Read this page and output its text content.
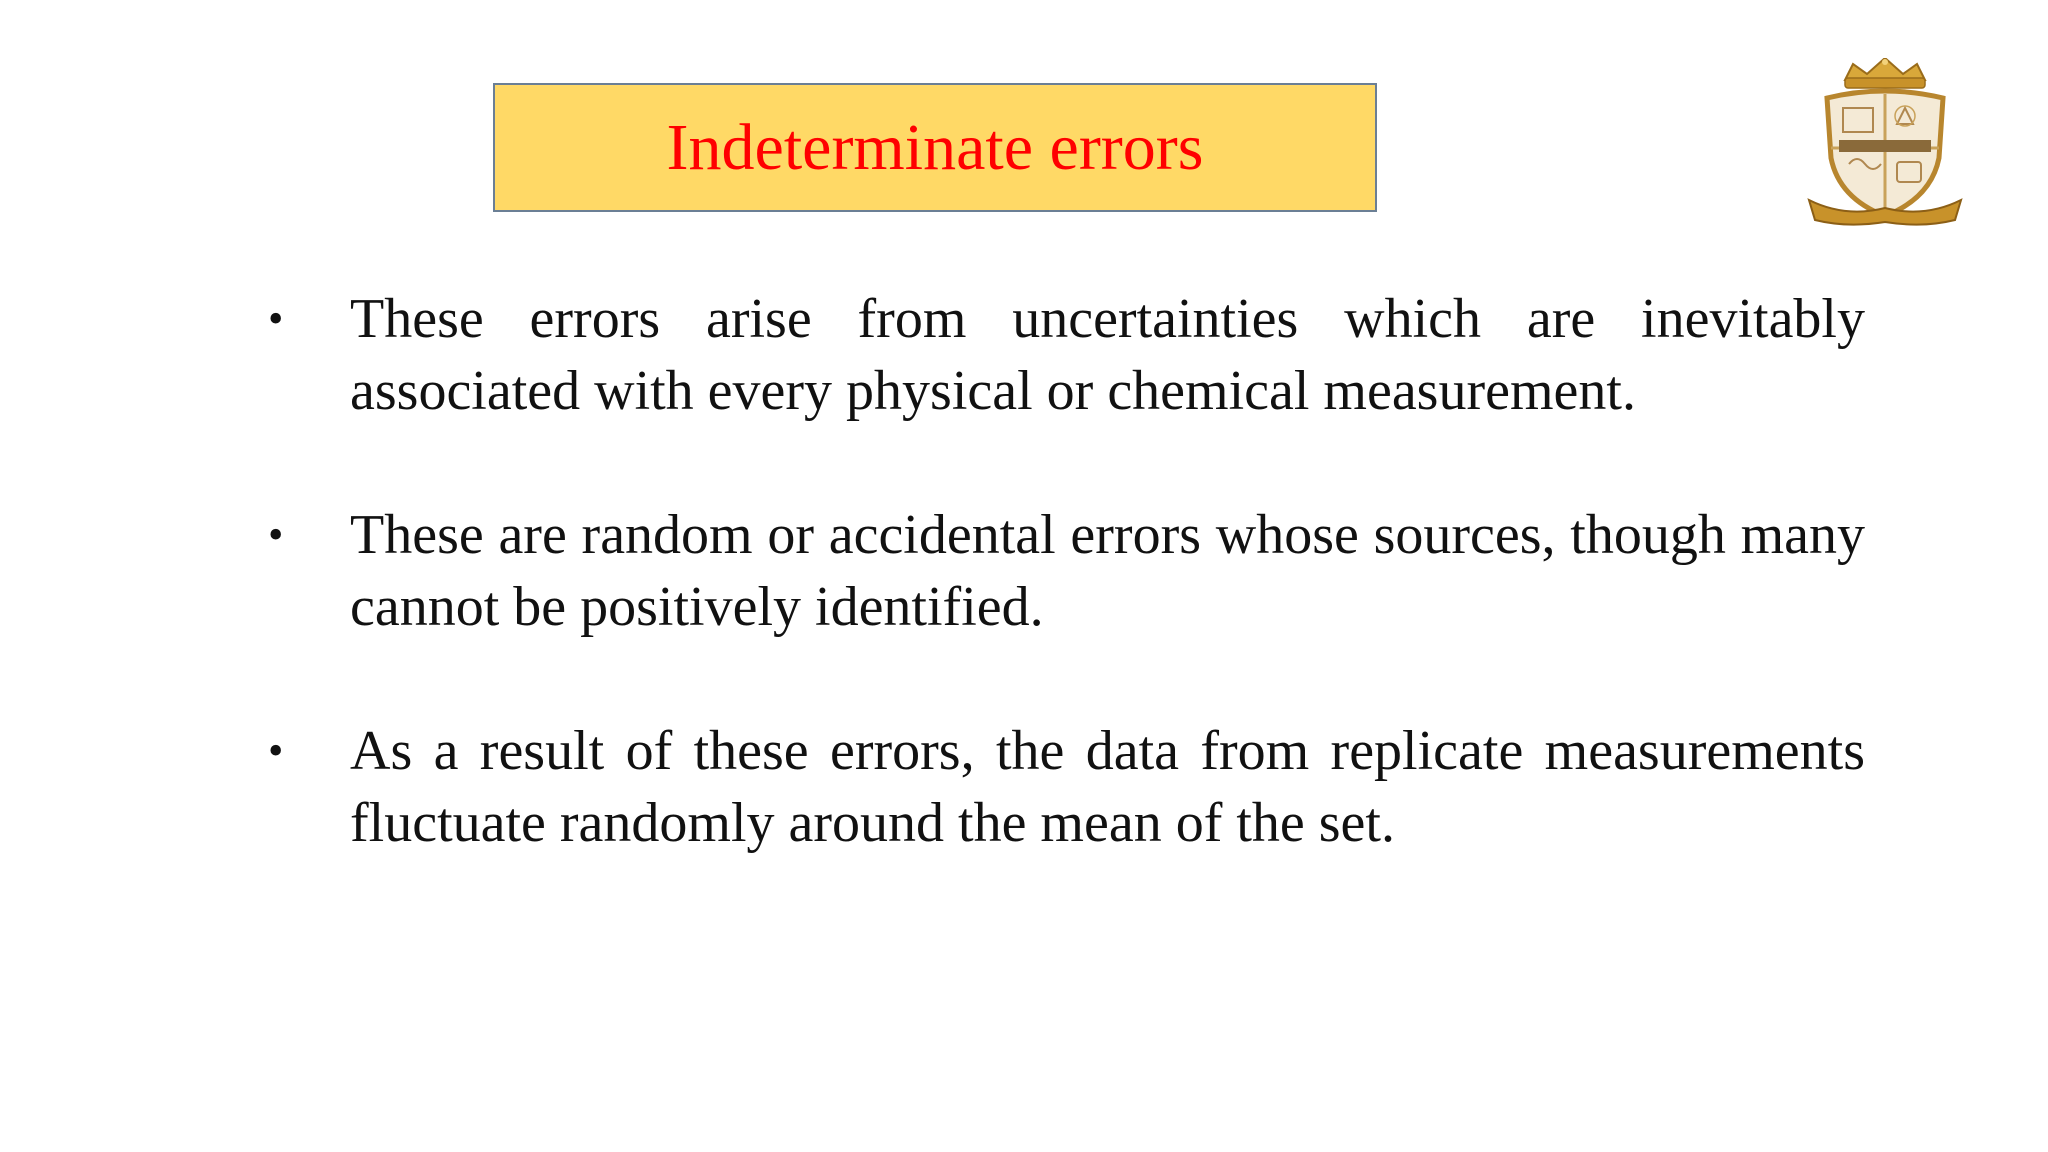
Indeterminate errors
• These errors arise from uncertainties which are inevitably associated with every physical or chemical measurement.
• These are random or accidental errors whose sources, though many cannot be positively identified.
• As a result of these errors, the data from replicate measurements fluctuate randomly around the mean of the set.
